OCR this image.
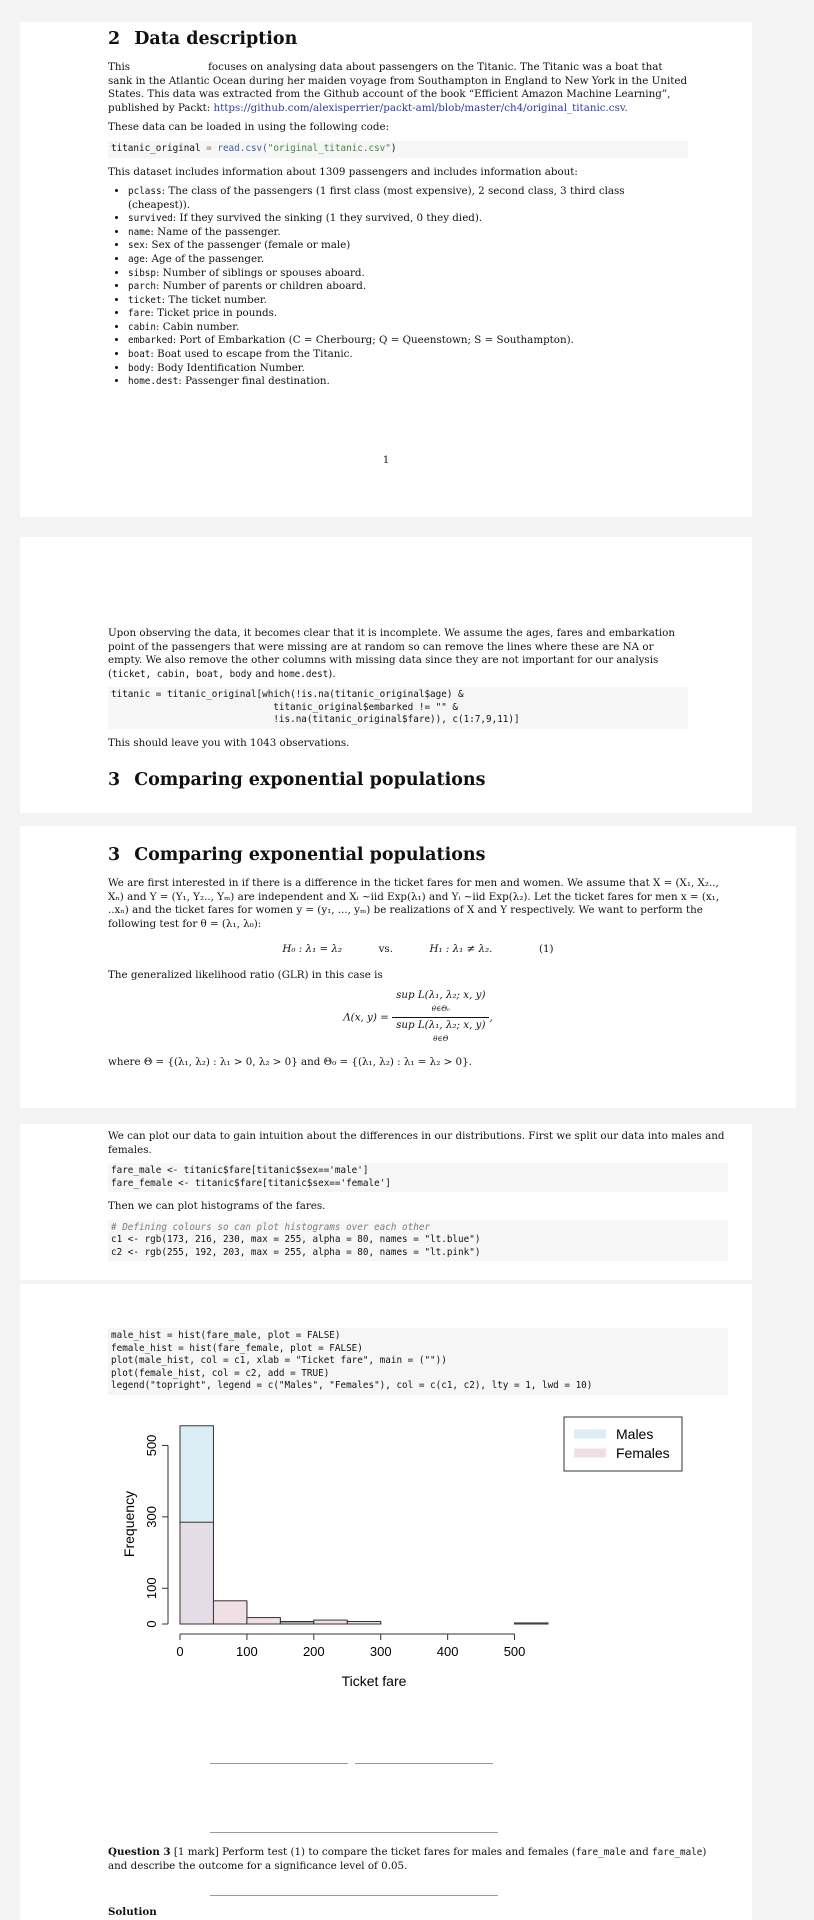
2 Data description

This	focuses on analysing data about passengers on the Titanic. The Titanic was a boat that sank in the Atlantic Ocean during her maiden voyage from Southampton in England to New York in the United States. This data was extracted from the Github account of the book “Efficient Amazon Machine Learning”, published by Packt: https://github.com/alexisperrier/packt-aml/blob/master/ch4/original_titanic.csv.

These data can be loaded in using the following code:

titanic_original = read.csv("original_titanic.csv")

This dataset includes information about 1309 passengers and includes information about:

• pclass: The class of the passengers (1 first class (most expensive), 2 second class, 3 third class (cheapest)).
• survived: If they survived the sinking (1 they survived, 0 they died).
• name: Name of the passenger.
• sex: Sex of the passenger (female or male)
• age: Age of the passenger.
• sibsp: Number of siblings or spouses aboard.
• parch: Number of parents or children aboard.
• ticket: The ticket number.
• fare: Ticket price in pounds.
• cabin: Cabin number.
• embarked: Port of Embarkation (C = Cherbourg; Q = Queenstown; S = Southampton).
• boat: Boat used to escape from the Titanic.
• body: Body Identification Number.
• home.dest: Passenger final destination.
1

Upon observing the data, it becomes clear that it is incomplete. We assume the ages, fares and embarkation point of the passengers that were missing are at random so can remove the lines where these are NA or empty. We also remove the other columns with missing data since they are not important for our analysis (ticket, cabin, boat, body and home.dest).

titanic = titanic_original[which(!is.na(titanic_original$age) &
titanic_original$embarked != "" &
!is.na(titanic_original$fare)), c(1:7,9,11)]

This should leave you with 1043 observations.

3 Comparing exponential populations
3 Comparing exponential populations

We are first interested in if there is a difference in the ticket fares for men and women. We assume that X = (X₁, X₂.., Xₙ) and Y = (Y₁, Y₂.., Yₘ) are independent and Xᵢ ~iid Exp(λ₁) and Yᵢ ~iid Exp(λ₂). Let the ticket fares for men x = (x₁, ..xₙ) and the ticket fares for women y = (y₁, ..., yₘ) be realizations of X and Y respectively. We want to perform the following test for θ = (λ₁, λ₀):

H₀ : λ₁ = λ₂	vs.	H₁ : λ₁ ≠ λ₂.	(1)

The generalized likelihood ratio (GLR) in this case is

Λ(x, y) =
sup L(λ₁, λ₂; x, y)
θ∈Θ₀
sup L(λ₁, λ₂; x, y)
θ∈Θ
,

where Θ = {(λ₁, λ₂) : λ₁ > 0, λ₂ > 0} and Θ₀ = {(λ₁, λ₂) : λ₁ = λ₂ > 0}.

We can plot our data to gain intuition about the differences in our distributions. First we split our data into males and females.

fare_male <- titanic$fare[titanic$sex=='male']
fare_female <- titanic$fare[titanic$sex=='female']

Then we can plot histograms of the fares.

# Defining colours so can plot histograms over each other
c1 <- rgb(173, 216, 230, max = 255, alpha = 80, names = "lt.blue")
c2 <- rgb(255, 192, 203, max = 255, alpha = 80, names = "lt.pink")
male_hist = hist(fare_male, plot = FALSE)
female_hist = hist(fare_female, plot = FALSE)
plot(male_hist, col = c1, xlab = "Ticket fare", main = (""))
plot(female_hist, col = c2, add = TRUE)
legend("topright", legend = c("Males", "Females"), col = c(c1, c2), lty = 1, lwd = 10)
0	100	200	300	400	500
0
100
300
500
Ticket fare
Frequency
Males
Females

Question 3 [1 mark] Perform test (1) to compare the ticket fares for males and females (fare_male and fare_male) and describe the outcome for a significance level of 0.05.

Solution
